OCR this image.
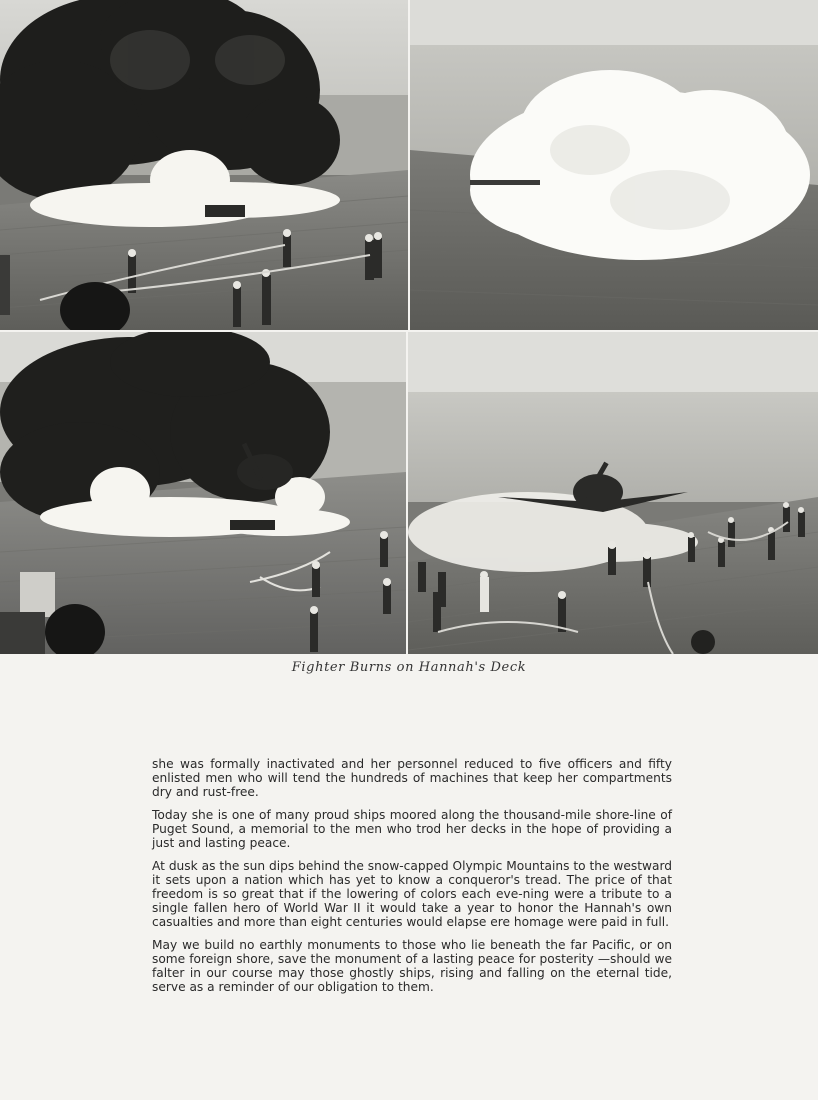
Fighter Burns on Hannah's Deck

she was formally inactivated and her personnel reduced to five officers and fifty enlisted men who will tend the hundreds of machines that keep her compartments dry and rust-free.

Today she is one of many proud ships moored along the thousand-mile shore-line of Puget Sound, a memorial to the men who trod her decks in the hope of providing a just and lasting peace.

At dusk as the sun dips behind the snow-capped Olympic Mountains to the westward it sets upon a nation which has yet to know a conqueror's tread. The price of that freedom is so great that if the lowering of colors each eve-ning were a tribute to a single fallen hero of World War II it would take a year to honor the Hannah's own casualties and more than eight centuries would elapse ere homage were paid in full.

May we build no earthly monuments to those who lie beneath the far Pacific, or on some foreign shore, save the monument of a lasting peace for posterity —should we falter in our course may those ghostly ships, rising and falling on the eternal tide, serve as a reminder of our obligation to them.
